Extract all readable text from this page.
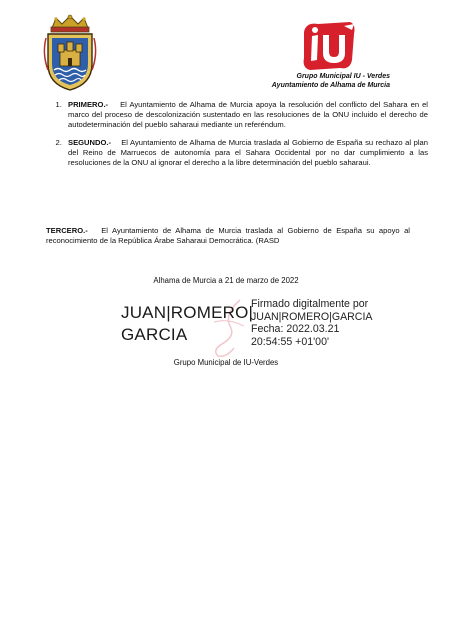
Grupo Municipal IU - Verdes
Ayuntamiento de Alhama de Murcia
1. PRIMERO.- El Ayuntamiento de Alhama de Murcia apoya la resolución del conflicto del Sahara en el marco del proceso de descolonización sustentado en las resoluciones de la ONU incluido el derecho de autodeterminación del pueblo saharaui mediante un referéndum.
2. SEGUNDO.- El Ayuntamiento de Alhama de Murcia traslada al Gobierno de España su rechazo al plan del Reino de Marruecos de autonomía para el Sahara Occidental por no dar cumplimiento a las resoluciones de la ONU al ignorar el derecho a la libre determinación del pueblo saharaui.

TERCERO.- El Ayuntamiento de Alhama de Murcia traslada al Gobierno de España su apoyo al reconocimiento de la República Árabe Saharaui Democrática. (RASD

Alhama de Murcia a 21 de marzo de 2022
JUAN|ROMERO|
GARCIA
Firmado digitalmente por
JUAN|ROMERO|GARCIA
Fecha: 2022.03.21
20:54:55 +01'00'
Grupo Municipal de IU-Verdes
